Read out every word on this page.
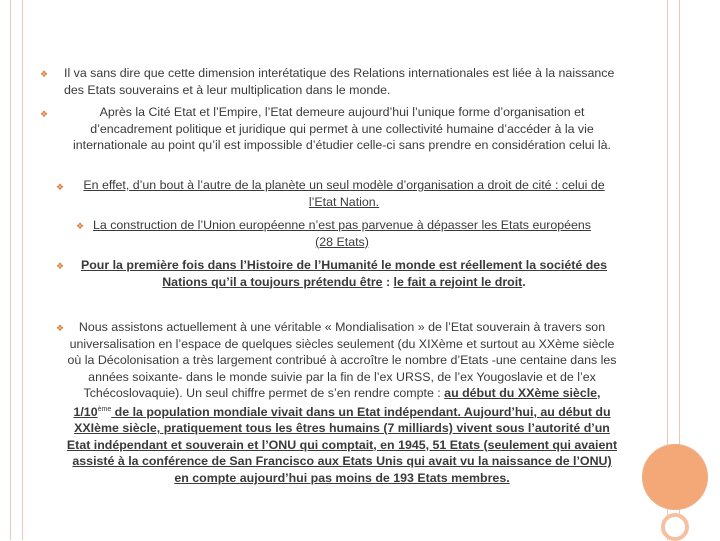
❖ Il va sans dire que cette dimension interétatique des Relations internationales est liée à la naissance des Etats souverains et à leur multiplication dans le monde.
❖	Après la Cité Etat et l’Empire, l’Etat demeure aujourd’hui l’unique forme d’organisation et d’encadrement politique et juridique qui permet à une collectivité humaine d’accéder à la vie internationale au point qu’il est impossible d’étudier celle-ci sans prendre en considération celui là.
❖	En effet, d’un bout à l’autre de la planète un seul modèle d’organisation a droit de cité : celui de l’Etat Nation.
❖ La construction de l’Union européenne n’est pas parvenue à dépasser les Etats européens (28 Etats)
❖ Pour la première fois dans l’Histoire de l’Humanité le monde est réellement la société des Nations qu’il a toujours prétendu être : le fait a rejoint le droit.
❖	Nous assistons actuellement à une véritable « Mondialisation » de l’Etat souverain à travers son universalisation en l’espace de quelques siècles seulement (du XIXème et surtout au XXème siècle où la Décolonisation a très largement contribué à accroître le nombre d’Etats -une centaine dans les années soixante- dans le monde suivie par la fin de l’ex URSS, de l’ex Yougoslavie et de l’ex Tchécoslovaquie). Un seul chiffre permet de s’en rendre compte : au début du XXème siècle, 1/10ème de la population mondiale vivait dans un Etat indépendant. Aujourd’hui, au début du XXIème siècle, pratiquement tous les êtres humains (7 milliards) vivent sous l’autorité d’un Etat indépendant et souverain et l’ONU qui comptait, en 1945, 51 Etats (seulement qui avaient assisté à la conférence de San Francisco aux Etats Unis qui avait vu la naissance de l’ONU) en compte aujourd’hui pas moins de 193 Etats membres.
